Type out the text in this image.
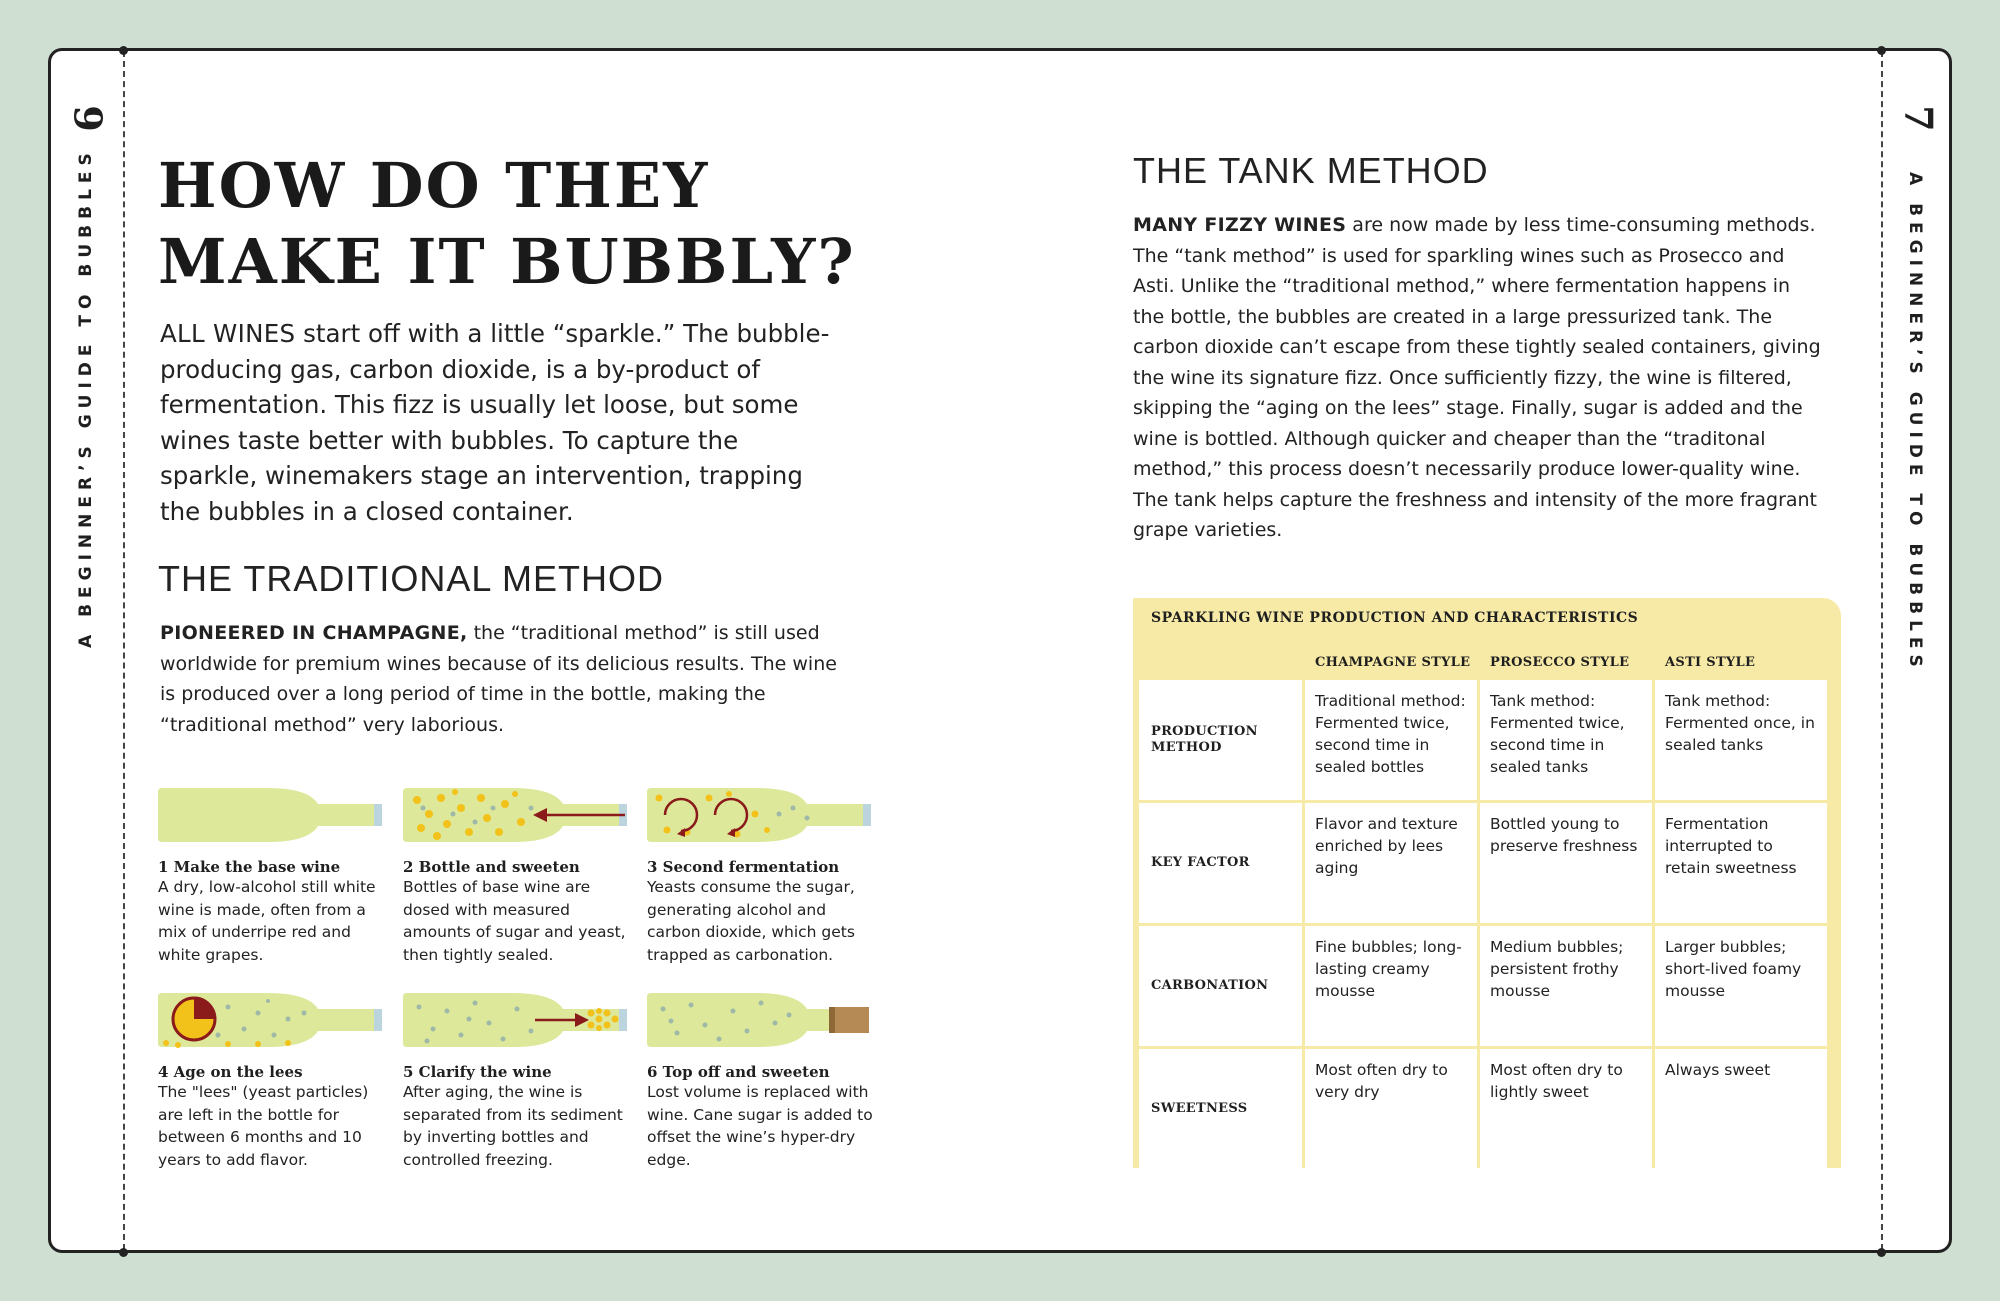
6
A BEGINNER’S GUIDE TO BUBBLES
7
A BEGINNER’S GUIDE TO BUBBLES
HOW DO THEY
MAKE IT BUBBLY?
ALL WINES start off with a little “sparkle.” The bubble-producing gas, carbon dioxide, is a by-product of fermentation. This fizz is usually let loose, but some wines taste better with bubbles. To capture the sparkle, winemakers stage an intervention, trapping the bubbles in a closed container.
THE TRADITIONAL METHOD
PIONEERED IN CHAMPAGNE, the “traditional method” is still used worldwide for premium wines because of its delicious results. The wine is produced over a long period of time in the bottle, making the “traditional method” very laborious.
1 Make the base wine
A dry, low-alcohol still white wine is made, often from a mix of underripe red and white grapes.
2 Bottle and sweeten
Bottles of base wine are dosed with measured amounts of sugar and yeast, then tightly sealed.
3 Second fermentation
Yeasts consume the sugar, generating alcohol and carbon dioxide, which gets trapped as carbonation.
4 Age on the lees
The "lees" (yeast particles) are left in the bottle for between 6 months and 10 years to add flavor.
5 Clarify the wine
After aging, the wine is separated from its sediment by inverting bottles and controlled freezing.
6 Top off and sweeten
Lost volume is replaced with wine. Cane sugar is added to offset the wine’s hyper-dry edge.
THE TANK METHOD
MANY FIZZY WINES are now made by less time-consuming methods. The “tank method” is used for sparkling wines such as Prosecco and Asti. Unlike the “traditional method,” where fermentation happens in the bottle, the bubbles are created in a large pressurized tank. The carbon dioxide can’t escape from these tightly sealed containers, giving the wine its signature fizz. Once sufficiently fizzy, the wine is filtered, skipping the “aging on the lees” stage. Finally, sugar is added and the wine is bottled. Although quicker and cheaper than the “traditonal method,” this process doesn’t necessarily produce lower-quality wine. The tank helps capture the freshness and intensity of the more fragrant grape varieties.
SPARKLING WINE PRODUCTION AND CHARACTERISTICS
	CHAMPAGNE STYLE	PROSECCO STYLE	ASTI STYLE
PRODUCTION METHOD	Traditional method: Fermented twice, second time in sealed bottles	Tank method: Fermented twice, second time in sealed tanks	Tank method: Fermented once, in sealed tanks
KEY FACTOR	Flavor and texture enriched by lees aging	Bottled young to preserve freshness	Fermentation interrupted to retain sweetness
CARBONATION	Fine bubbles; long-lasting creamy mousse	Medium bubbles; persistent frothy mousse	Larger bubbles; short-lived foamy mousse
SWEETNESS	Most often dry to very dry	Most often dry to lightly sweet	Always sweet
